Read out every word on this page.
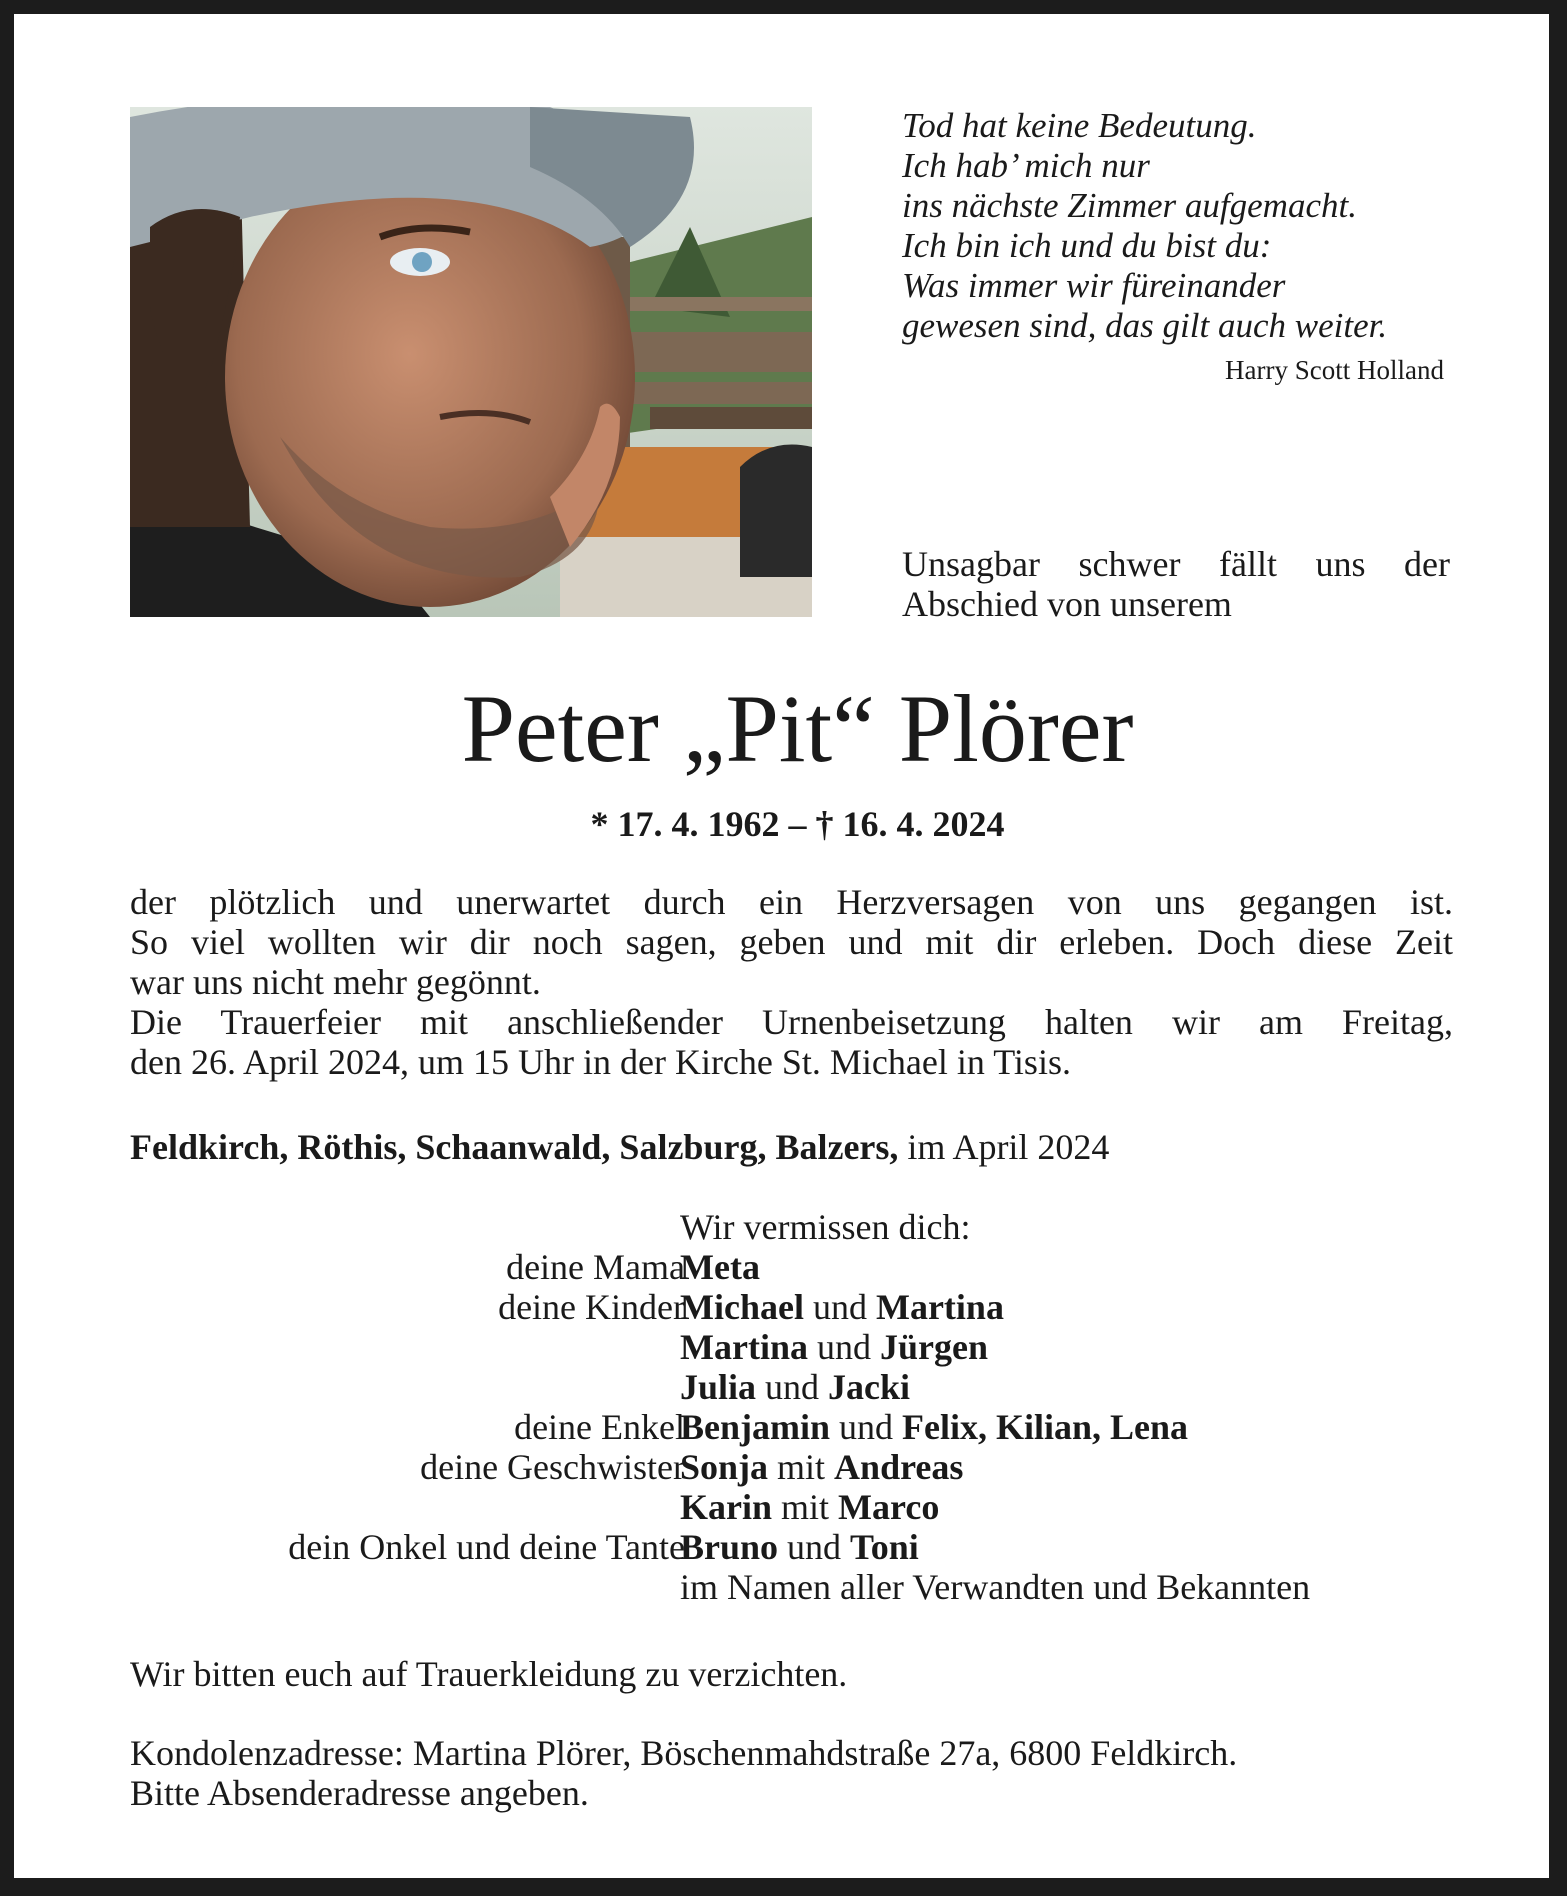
Tod hat keine Bedeutung.
Ich hab’ mich nur
ins nächste Zimmer aufgemacht.
Ich bin ich und du bist du:
Was immer wir füreinander
gewesen sind, das gilt auch weiter.
Harry Scott Holland
Unsagbar schwer fällt uns der
Abschied von unserem
Peter „Pit“ Plörer
* 17. 4. 1962 – † 16. 4. 2024
der plötzlich und unerwartet durch ein Herzversagen von uns gegangen ist.
So viel wollten wir dir noch sagen, geben und mit dir erleben. Doch diese Zeit
war uns nicht mehr gegönnt.
Die Trauerfeier mit anschließender Urnenbeisetzung halten wir am Freitag,
den 26. April 2024, um 15 Uhr in der Kirche St. Michael in Tisis.
Feldkirch, Röthis, Schaanwald, Salzburg, Balzers, im April 2024
Wir vermissen dich:
deine Mama
Meta
deine Kinder
Michael und Martina
Martina und Jürgen
Julia und Jacki
deine Enkel
Benjamin und Felix, Kilian, Lena
deine Geschwister
Sonja mit Andreas
Karin mit Marco
dein Onkel und deine Tante
Bruno und Toni
im Namen aller Verwandten und Bekannten
Wir bitten euch auf Trauerkleidung zu verzichten.
Kondolenzadresse: Martina Plörer, Böschenmahdstraße 27a, 6800 Feldkirch.
Bitte Absenderadresse angeben.
